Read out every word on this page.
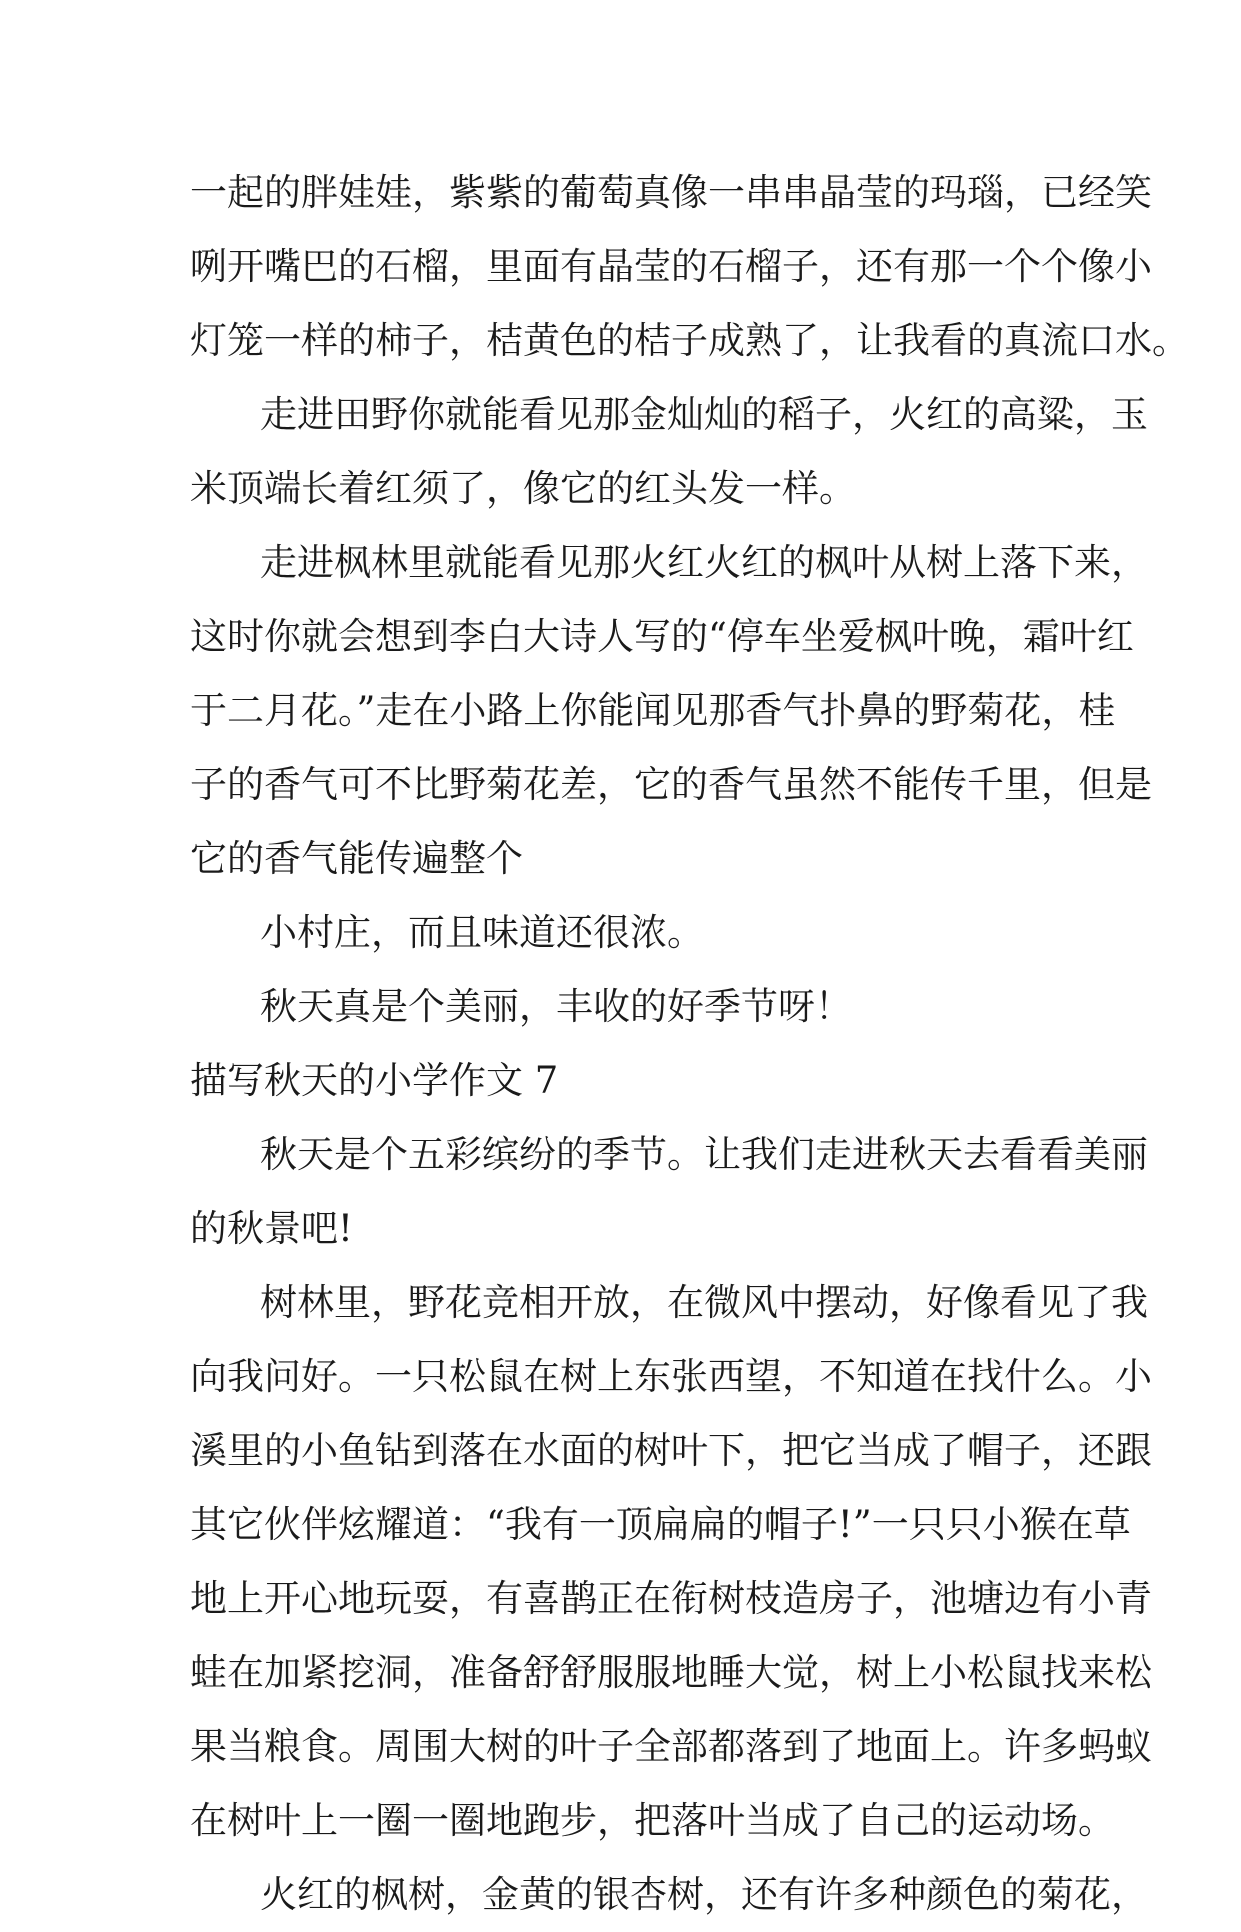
一起的胖娃娃，紫紫的葡萄真像一串串晶莹的玛瑙，已经笑
咧开嘴巴的石榴，里面有晶莹的石榴子，还有那一个个像小
灯笼一样的柿子，桔黄色的桔子成熟了，让我看的真流口水。
走进田野你就能看见那金灿灿的稻子，火红的高粱，玉
米顶端长着红须了，像它的红头发一样。
走进枫林里就能看见那火红火红的枫叶从树上落下来，
这时你就会想到李白大诗人写的“停车坐爱枫叶晚，霜叶红
于二月花。”走在小路上你能闻见那香气扑鼻的野菊花，桂
子的香气可不比野菊花差，它的香气虽然不能传千里，但是
它的香气能传遍整个
小村庄，而且味道还很浓。
秋天真是个美丽，丰收的好季节呀！
描写秋天的小学作文 7
秋天是个五彩缤纷的季节。让我们走进秋天去看看美丽
的秋景吧!
树林里，野花竞相开放，在微风中摆动，好像看见了我
向我问好。一只松鼠在树上东张西望，不知道在找什么。小
溪里的小鱼钻到落在水面的树叶下，把它当成了帽子，还跟
其它伙伴炫耀道：“我有一顶扁扁的帽子!”一只只小猴在草
地上开心地玩耍，有喜鹊正在衔树枝造房子，池塘边有小青
蛙在加紧挖洞，准备舒舒服服地睡大觉，树上小松鼠找来松
果当粮食。周围大树的叶子全部都落到了地面上。许多蚂蚁
在树叶上一圈一圈地跑步，把落叶当成了自己的运动场。
火红的枫树，金黄的银杏树，还有许多种颜色的菊花，
